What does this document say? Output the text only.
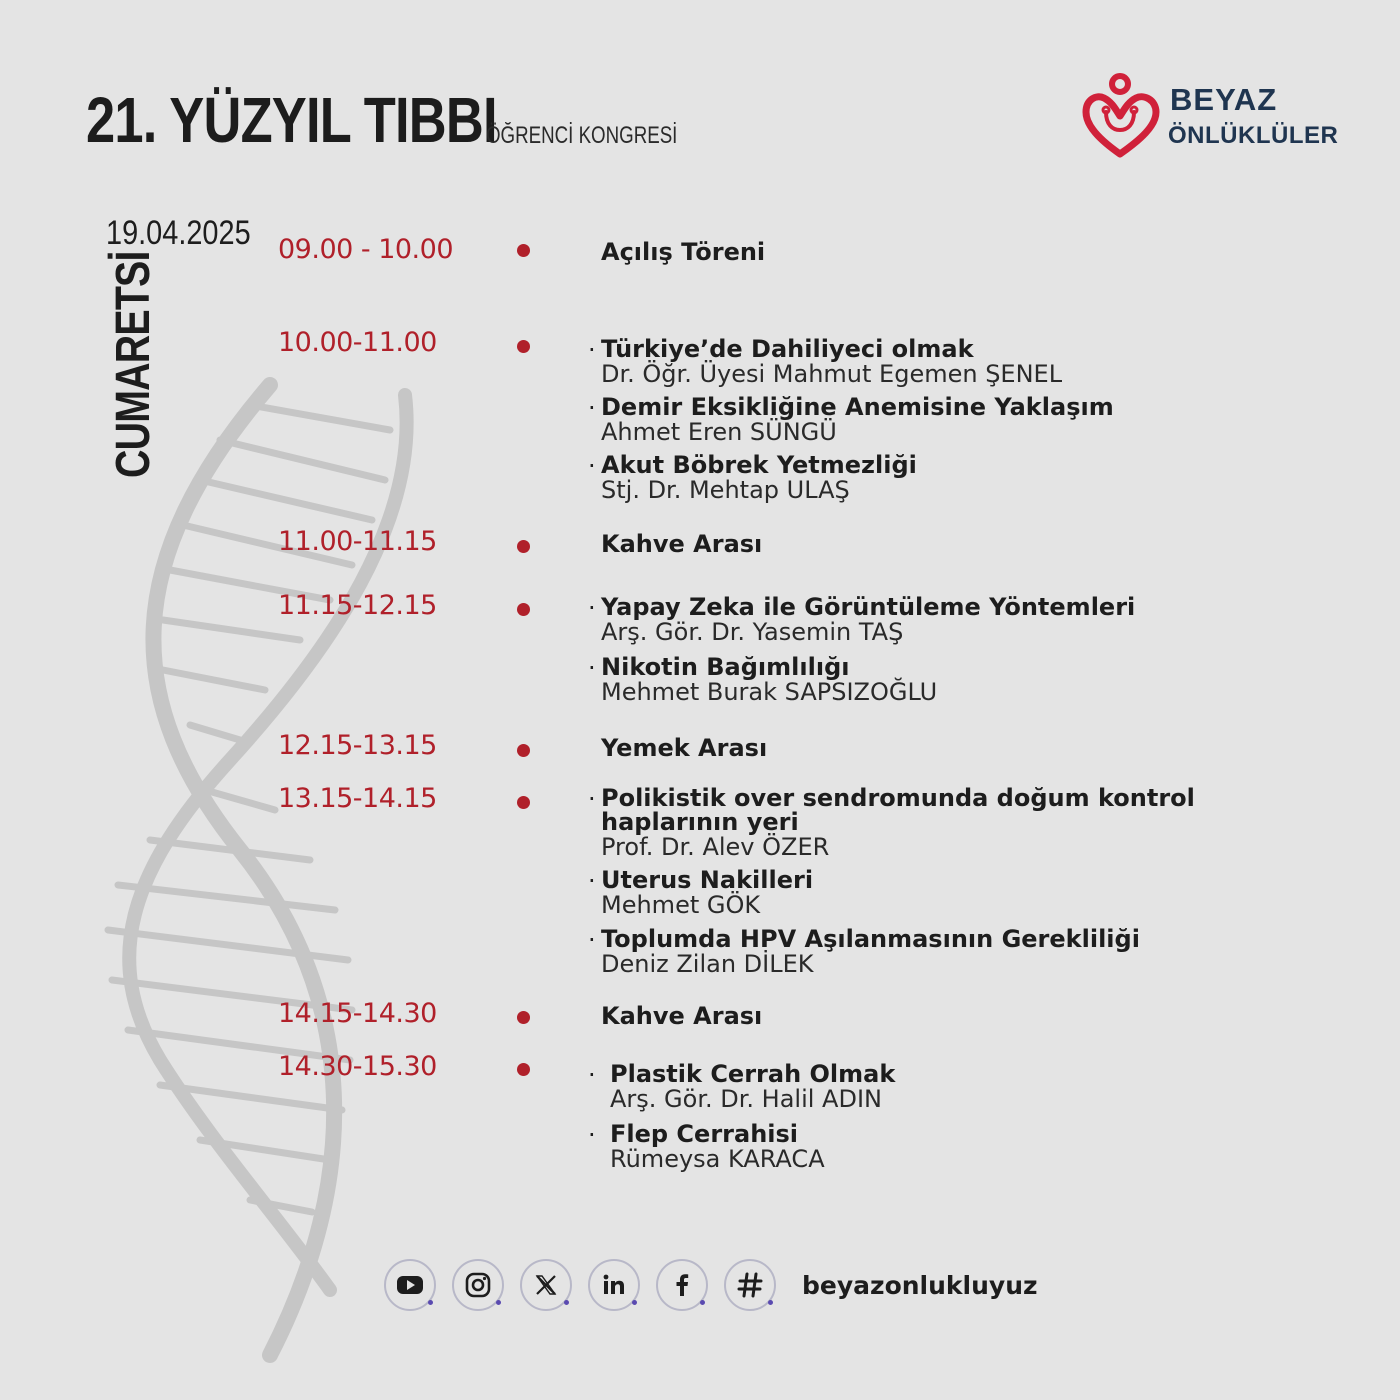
21. YÜZYIL TIBBI
ÖĞRENCİ KONGRESİ
BEYAZ
ÖNLÜKLÜLER
19.04.2025
CUMARETSİ
09.00 - 10.00	Açılış Töreni
10.00-11.00	· Türkiye’de Dahiliyeci olmak
Dr. Öğr. Üyesi Mahmut Egemen ŞENEL
· Demir Eksikliğine Anemisine Yaklaşım
Ahmet Eren SÜNGÜ
· Akut Böbrek Yetmezliği
Stj. Dr. Mehtap ULAŞ
11.00-11.15	Kahve Arası
11.15-12.15	· Yapay Zeka ile Görüntüleme Yöntemleri
Arş. Gör. Dr. Yasemin TAŞ
· Nikotin Bağımlılığı
Mehmet Burak SAPSIZOĞLU
12.15-13.15	Yemek Arası
13.15-14.15	· Polikistik over sendromunda doğum kontrol
haplarının yeri
Prof. Dr. Alev ÖZER
· Uterus Nakilleri
Mehmet GÖK
· Toplumda HPV Aşılanmasının Gerekliliği
Deniz Zilan DİLEK
14.15-14.30	Kahve Arası
14.30-15.30	· Plastik Cerrah Olmak
Arş. Gör. Dr. Halil ADIN
· Flep Cerrahisi
Rümeysa KARACA
beyazonlukluyuz
